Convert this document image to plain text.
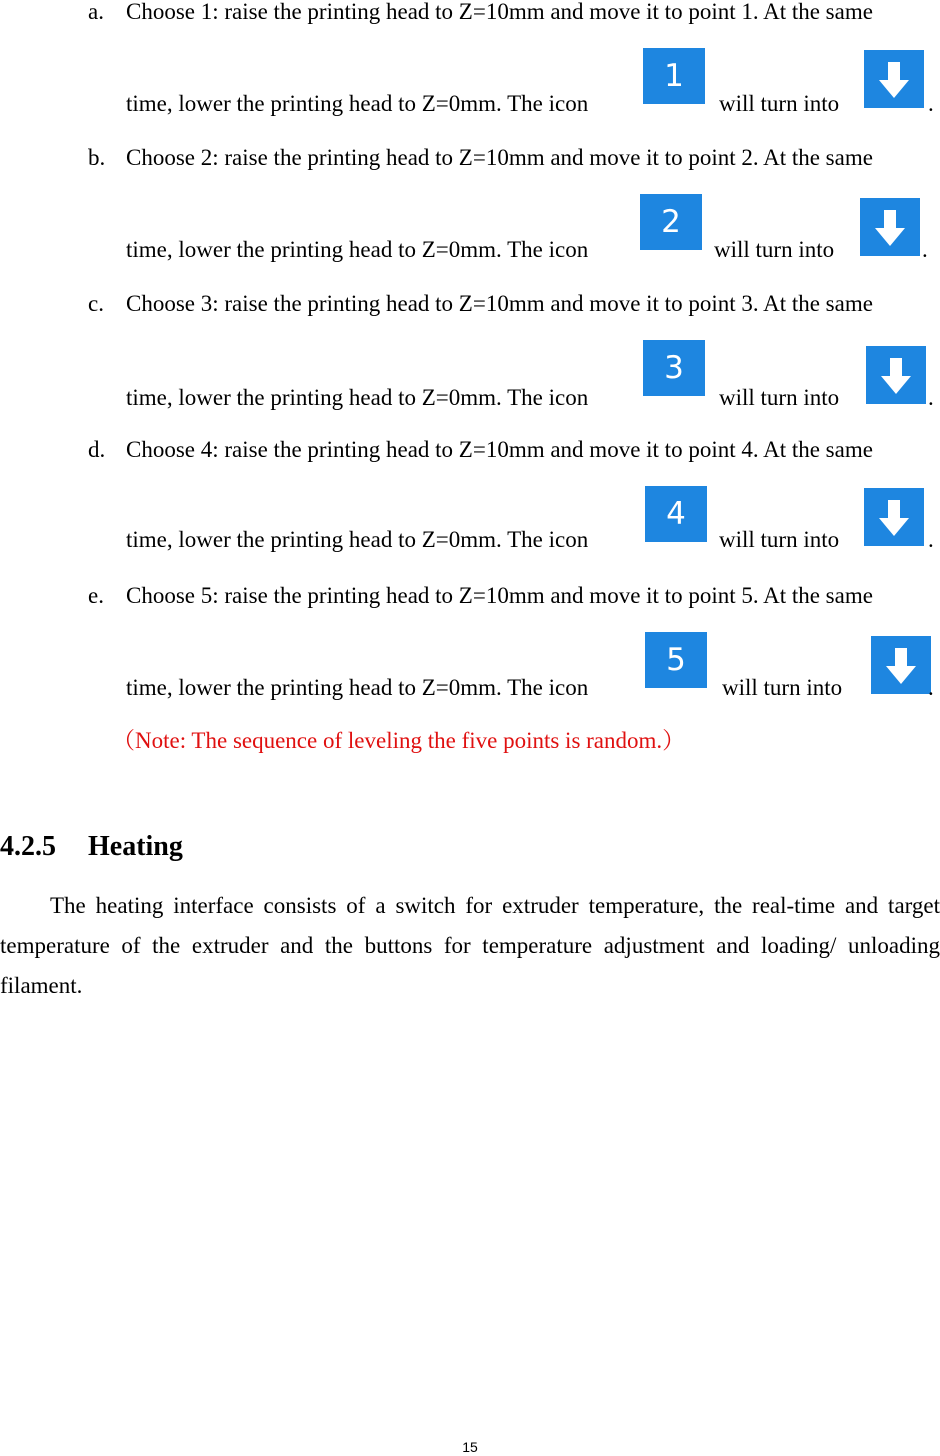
a. Choose 1: raise the printing head to Z=10mm and move it to point 1. At the same
time, lower the printing head to Z=0mm. The icon
1
will turn into	.
b. Choose 2: raise the printing head to Z=10mm and move it to point 2. At the same
time, lower the printing head to Z=0mm. The icon
2
will turn into	.
c. Choose 3: raise the printing head to Z=10mm and move it to point 3. At the same
time, lower the printing head to Z=0mm. The icon
3
will turn into	.
d. Choose 4: raise the printing head to Z=10mm and move it to point 4. At the same
time, lower the printing head to Z=0mm. The icon
4
will turn into	.
e. Choose 5: raise the printing head to Z=10mm and move it to point 5. At the same
time, lower the printing head to Z=0mm. The icon
5
will turn into	.
（Note: The sequence of leveling the five points is random.）
4.2.5 Heating
The heating interface consists of a switch for extruder temperature, the real-time and target temperature of the extruder and the buttons for temperature adjustment and loading/ unloading filament.
15
